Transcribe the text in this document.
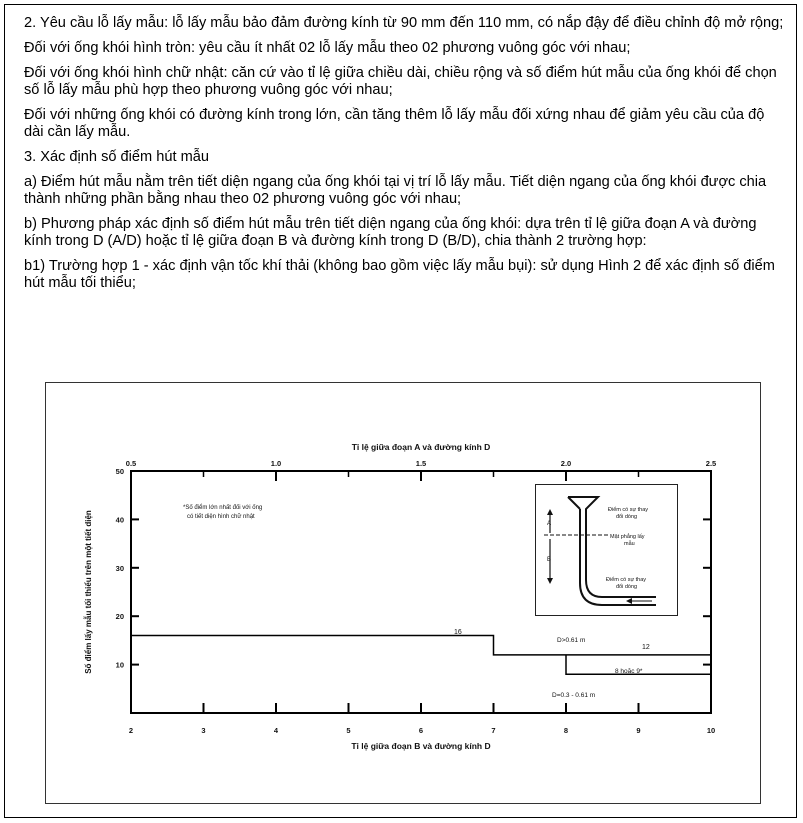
2. Yêu cầu lỗ lấy mẫu: lỗ lấy mẫu bảo đảm đường kính từ 90 mm đến 110 mm, có nắp đậy để điều chỉnh độ mở rộng;

Đối với ống khói hình tròn: yêu cầu ít nhất 02 lỗ lấy mẫu theo 02 phương vuông góc với nhau;

Đối với ống khói hình chữ nhật: căn cứ vào tỉ lệ giữa chiều dài, chiều rộng và số điểm hút mẫu của ống khói để chọn số lỗ lấy mẫu phù hợp theo phương vuông góc với nhau;

Đối với những ống khói có đường kính trong lớn, cần tăng thêm lỗ lấy mẫu đối xứng nhau để giảm yêu cầu của độ dài cần lấy mẫu.

3. Xác định số điểm hút mẫu

a) Điểm hút mẫu nằm trên tiết diện ngang của ống khói tại vị trí lỗ lấy mẫu. Tiết diện ngang của ống khói được chia thành những phần bằng nhau theo 02 phương vuông góc với nhau;

b) Phương pháp xác định số điểm hút mẫu trên tiết diện ngang của ống khói: dựa trên tỉ lệ giữa đoạn A và đường kính trong D (A/D) hoặc tỉ lệ giữa đoạn B và đường kính trong D (B/D), chia thành 2 trường hợp:

b1) Trường hợp 1 - xác định vận tốc khí thải (không bao gồm việc lấy mẫu bụi): sử dụng Hình 2 để xác định số điểm hút mẫu tối thiểu;

Tỉ lệ giữa đoạn A và đường kính D
0.5	1.0	1.5	2.0	2.5
Tỉ lệ giữa đoạn B và đường kính D
2	3	4	5	6	7	8	9	10
Số điểm lấy mẫu tối thiểu trên một tiết diện
50
40
30
20
10
*Số điểm lớn nhất đối với ống
có tiết diện hình chữ nhật
16
12
D>0.61 m
8 hoặc 9*
D=0.3 - 0.61 m
A
B
Điểm có sự thay
đổi dòng
Mặt phẳng lấy
mẫu
Điểm có sự thay
đổi dòng
